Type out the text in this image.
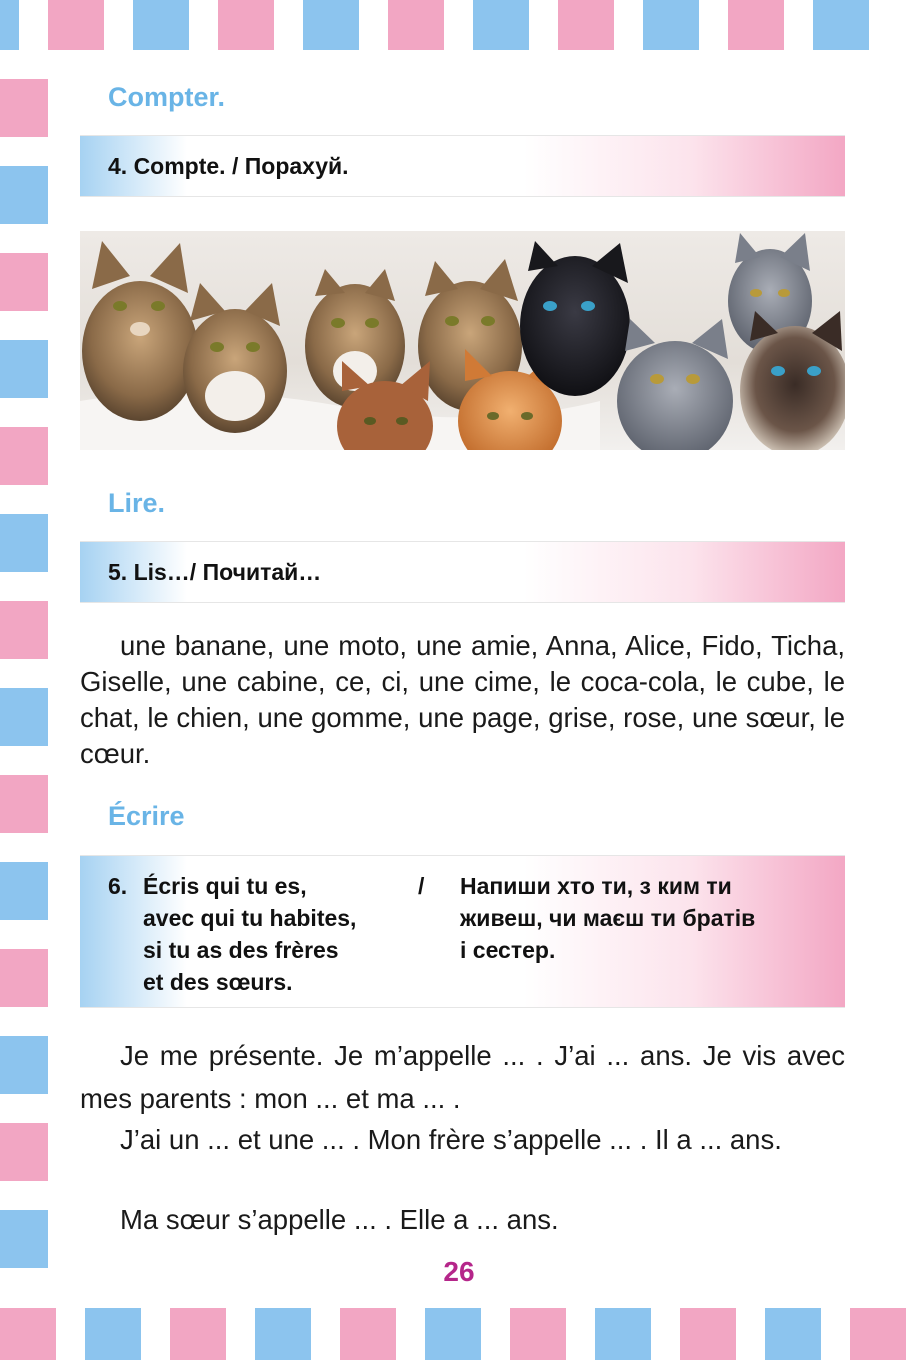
Compter.
4. Compte. / Порахуй.
Lire.
5. Lis…/ Почитай…

une banane, une moto, une amie, Anna, Alice, Fido, Ticha, Giselle, une cabine, ce, ci, une cime, le coca-cola, le cube, le chat, le chien, une gomme, une page, grise, rose, une sœur, le cœur.

Écrire
6. Écris qui tu es,
avec qui tu habites,
si tu as des frères
et des sœurs.
/ Напиши хто ти, з ким ти
живеш, чи маєш ти братів
і сестер.

Je me présente. Je m’appelle ... . J’ai ... ans. Je vis avec mes parents : mon ... et ma ... .

J’ai un ... et une ... . Mon frère s’appelle ... . Il a ... ans.

Ma sœur s’appelle ... . Elle a ... ans.

26
